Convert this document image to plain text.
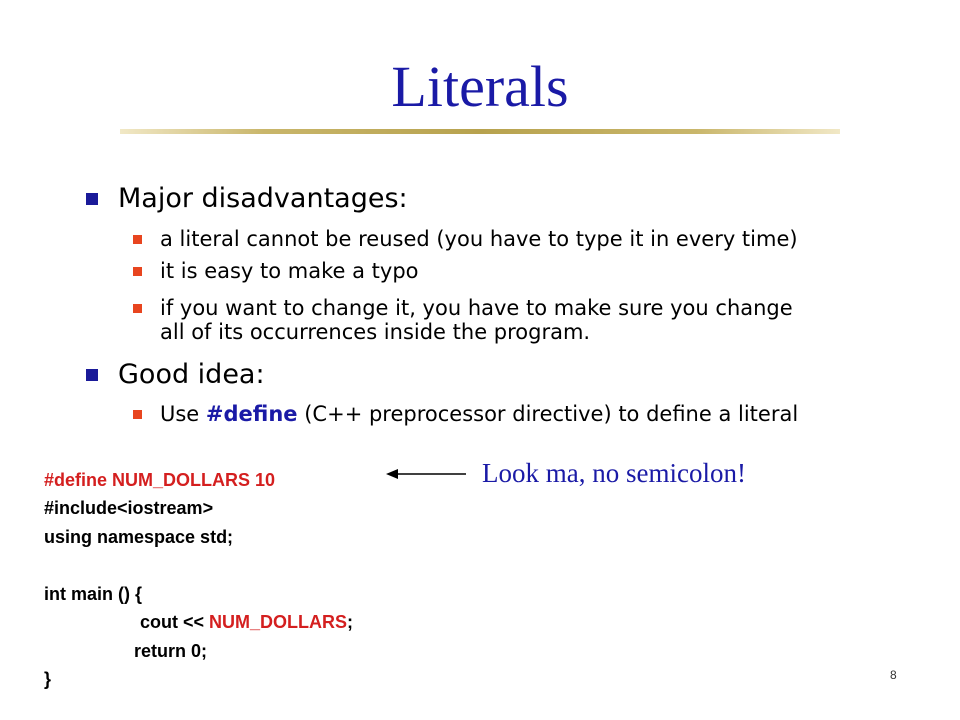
Literals
Major disadvantages:
a literal cannot be reused (you have to type it in every time)
it is easy to make a typo
if you want to change it, you have to make sure you change
all of its occurrences inside the program.
Good idea:
Use #define (C++ preprocessor directive) to define a literal
#define NUM_DOLLARS 10
#include<iostream>
using namespace std;
int main () {
cout << NUM_DOLLARS;
return 0;
}
Look ma, no semicolon!
8
